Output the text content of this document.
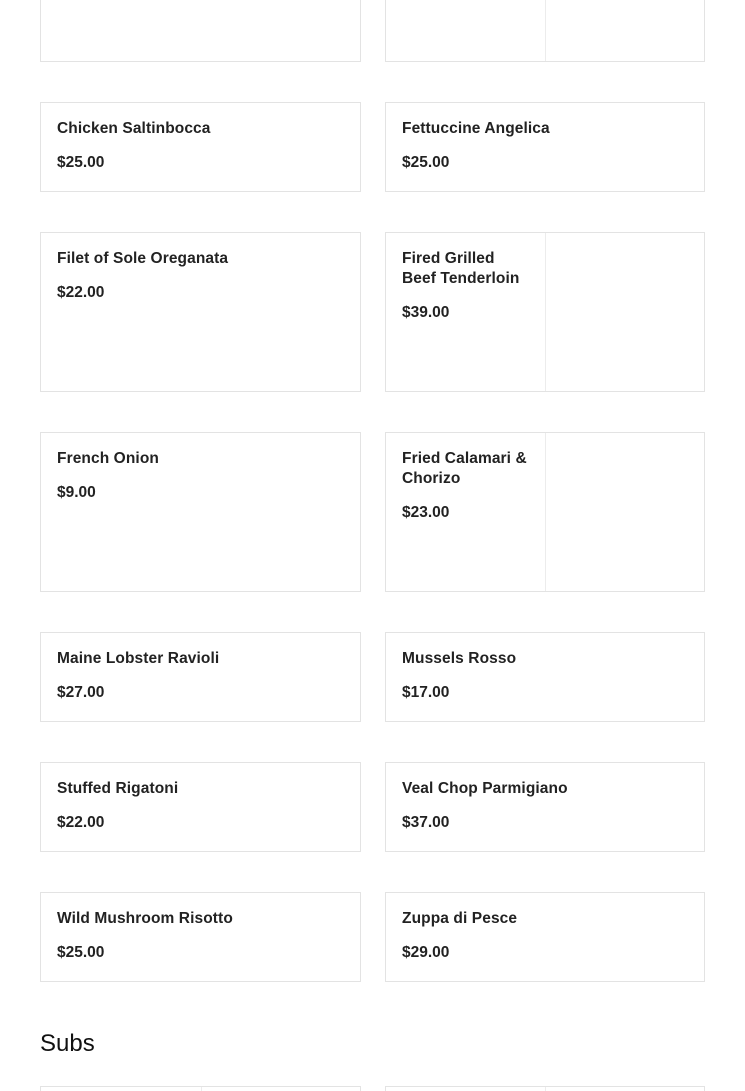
Chicken Saltinbocca
$25.00
Fettuccine Angelica
$25.00
Filet of Sole Oreganata
$22.00
Fired Grilled Beef Tenderloin
$39.00
French Onion
$9.00
Fried Calamari & Chorizo
$23.00
Maine Lobster Ravioli
$27.00
Mussels Rosso
$17.00
Stuffed Rigatoni
$22.00
Veal Chop Parmigiano
$37.00
Wild Mushroom Risotto
$25.00
Zuppa di Pesce
$29.00
Subs
